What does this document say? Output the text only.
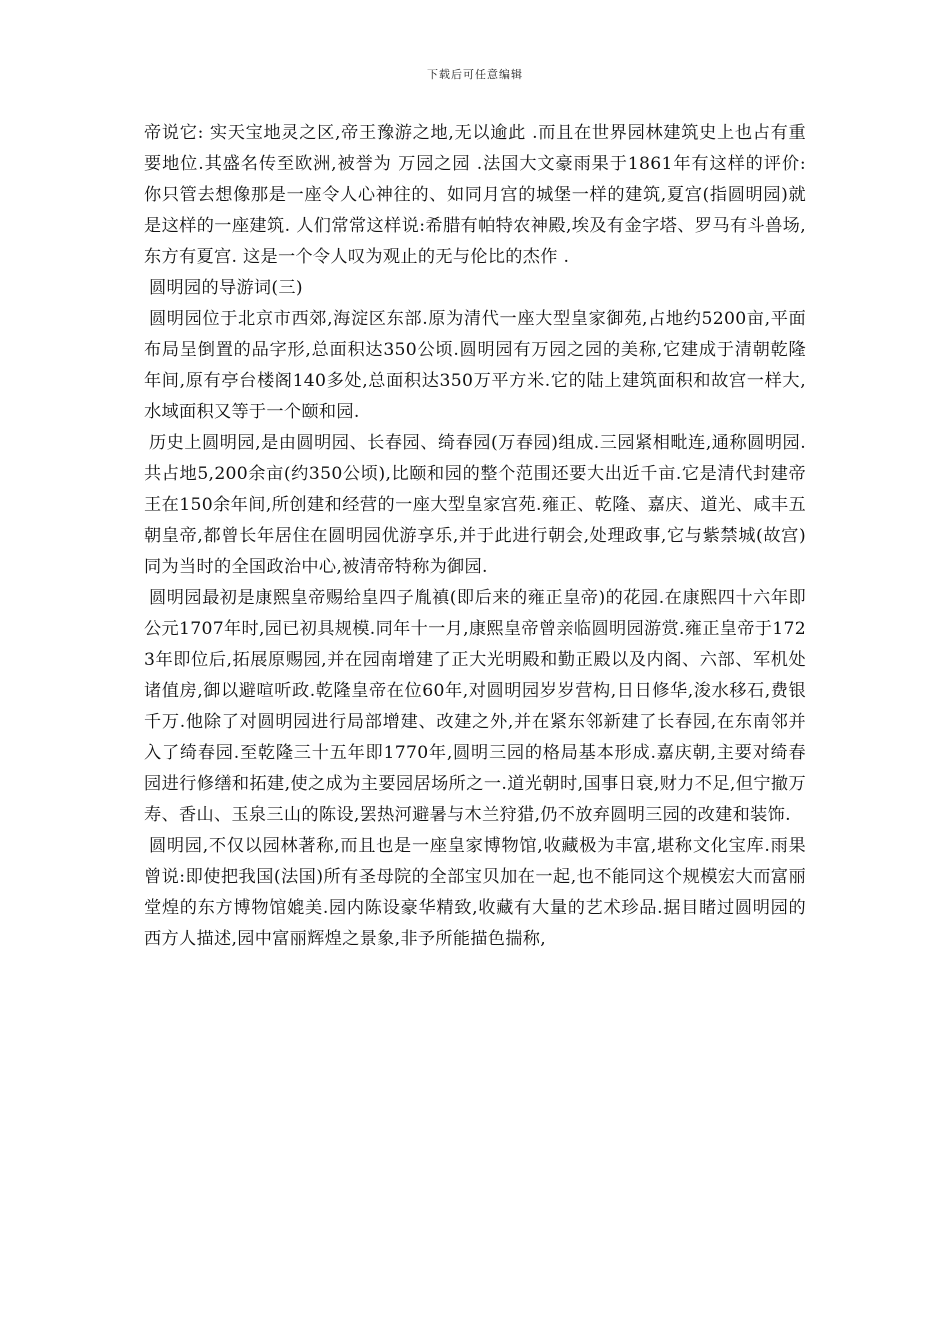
下载后可任意编辑

帝说它: 实天宝地灵之区,帝王豫游之地,无以逾此 .而且在世界园林建筑史上也占有重要地位.其盛名传至欧洲,被誉为 万园之园 .法国大文豪雨果于1861年有这样的评价: 你只管去想像那是一座令人心神往的、如同月宫的城堡一样的建筑,夏宫(指圆明园)就是这样的一座建筑. 人们常常这样说:希腊有帕特农神殿,埃及有金字塔、罗马有斗兽场,东方有夏宫. 这是一个令人叹为观止的无与伦比的杰作 .

圆明园的导游词(三)

圆明园位于北京市西郊,海淀区东部.原为清代一座大型皇家御苑,占地约5200亩,平面布局呈倒置的品字形,总面积达350公顷.圆明园有万园之园的美称,它建成于清朝乾隆年间,原有亭台楼阁140多处,总面积达350万平方米.它的陆上建筑面积和故宫一样大,水域面积又等于一个颐和园.

历史上圆明园,是由圆明园、长春园、绮春园(万春园)组成.三园紧相毗连,通称圆明园.共占地5,200余亩(约350公顷),比颐和园的整个范围还要大出近千亩.它是清代封建帝王在150余年间,所创建和经营的一座大型皇家宫苑.雍正、乾隆、嘉庆、道光、咸丰五朝皇帝,都曾长年居住在圆明园优游享乐,并于此进行朝会,处理政事,它与紫禁城(故宫)同为当时的全国政治中心,被清帝特称为御园.

圆明园最初是康熙皇帝赐给皇四子胤禛(即后来的雍正皇帝)的花园.在康熙四十六年即公元1707年时,园已初具规模.同年十一月,康熙皇帝曾亲临圆明园游赏.雍正皇帝于1723年即位后,拓展原赐园,并在园南增建了正大光明殿和勤正殿以及内阁、六部、军机处诸值房,御以避喧听政.乾隆皇帝在位60年,对圆明园岁岁营构,日日修华,浚水移石,费银千万.他除了对圆明园进行局部增建、改建之外,并在紧东邻新建了长春园,在东南邻并入了绮春园.至乾隆三十五年即1770年,圆明三园的格局基本形成.嘉庆朝,主要对绮春园进行修缮和拓建,使之成为主要园居场所之一.道光朝时,国事日衰,财力不足,但宁撤万寿、香山、玉泉三山的陈设,罢热河避暑与木兰狩猎,仍不放弃圆明三园的改建和装饰.

圆明园,不仅以园林著称,而且也是一座皇家博物馆,收藏极为丰富,堪称文化宝库.雨果曾说:即使把我国(法国)所有圣母院的全部宝贝加在一起,也不能同这个规模宏大而富丽堂煌的东方博物馆媲美.园内陈设豪华精致,收藏有大量的艺术珍品.据目睹过圆明园的西方人描述,园中富丽辉煌之景象,非予所能描色揣称,
